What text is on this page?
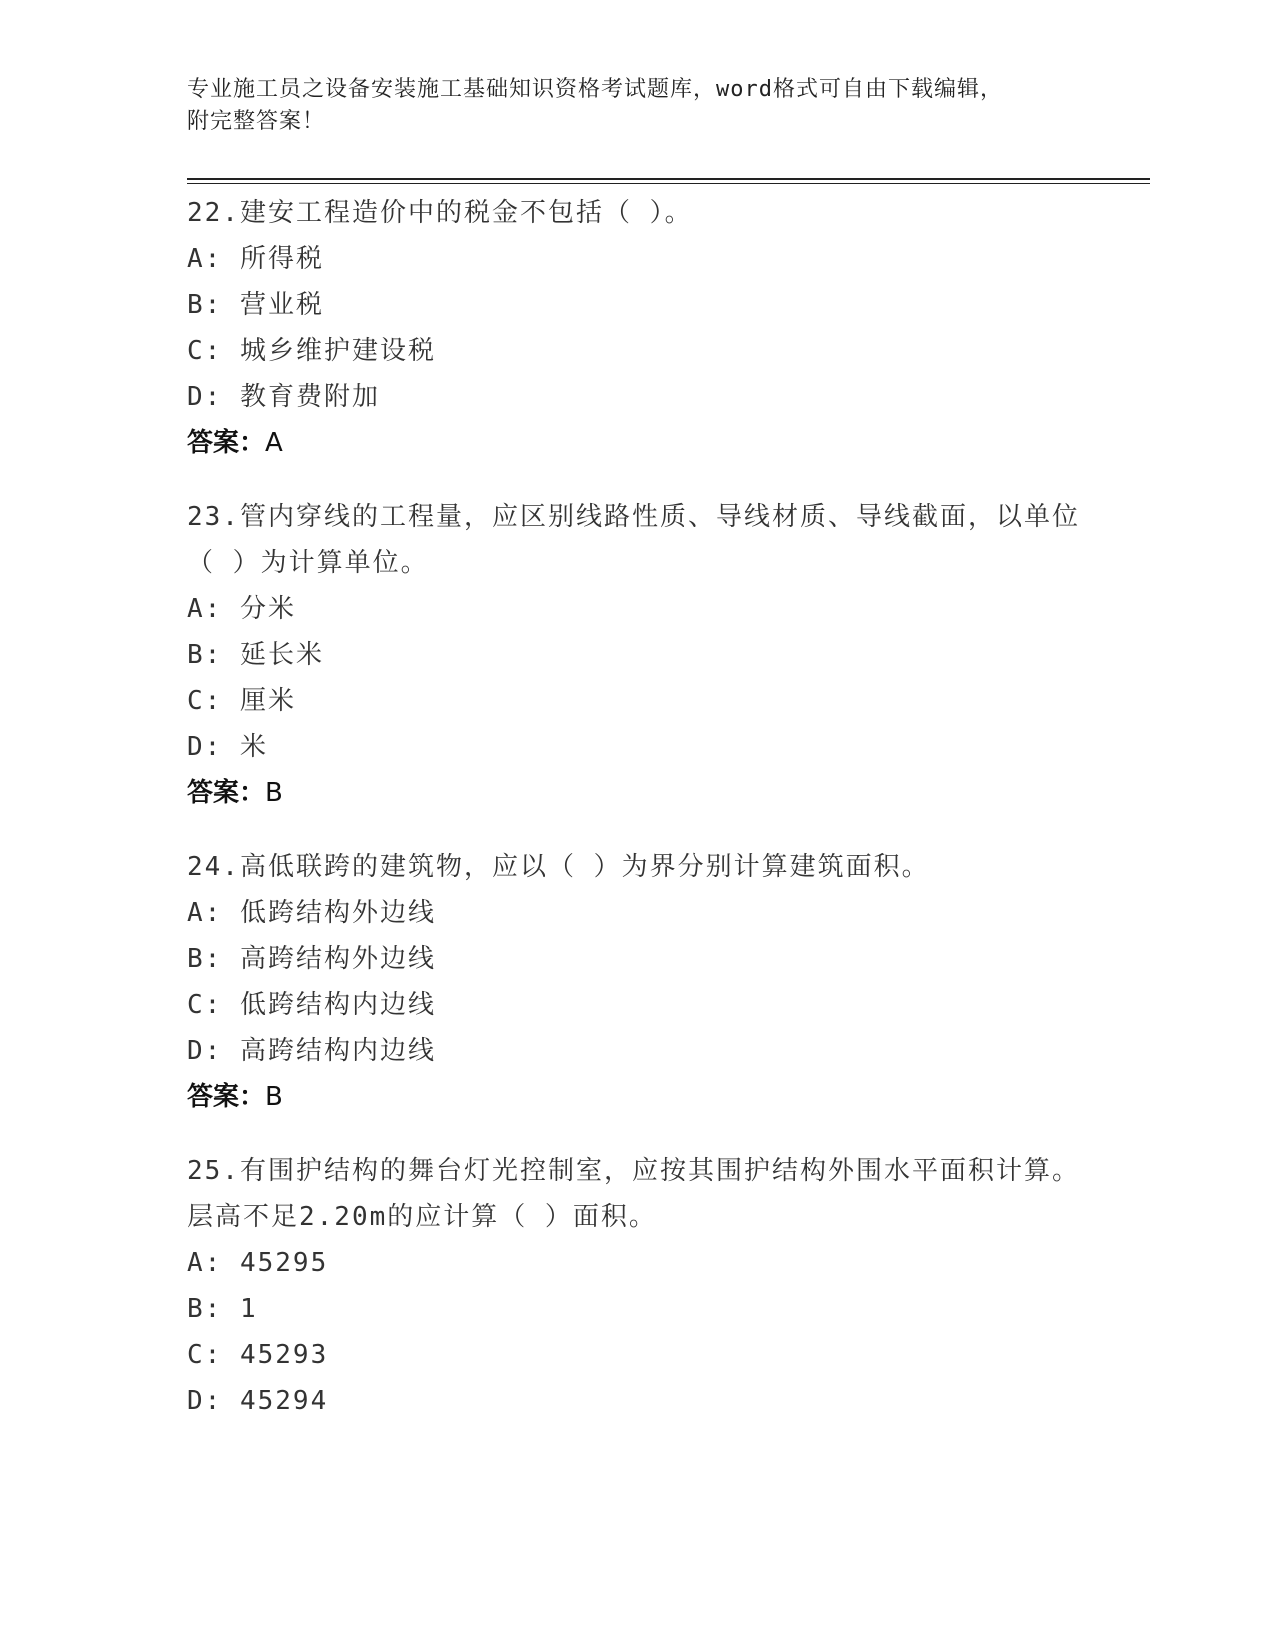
专业施工员之设备安装施工基础知识资格考试题库，word格式可自由下载编辑，
附完整答案！
22.建安工程造价中的税金不包括（ ）。
A: 所得税
B: 营业税
C: 城乡维护建设税
D: 教育费附加
答案：A
23.管内穿线的工程量，应区别线路性质、导线材质、导线截面，以单位（ ）为计算单位。
A: 分米
B: 延长米
C: 厘米
D: 米
答案：B
24.高低联跨的建筑物，应以（ ）为界分别计算建筑面积。
A: 低跨结构外边线
B: 高跨结构外边线
C: 低跨结构内边线
D: 高跨结构内边线
答案：B
25.有围护结构的舞台灯光控制室，应按其围护结构外围水平面积计算。层高不足2.20m的应计算（ ）面积。
A: 45295
B: 1
C: 45293
D: 45294
